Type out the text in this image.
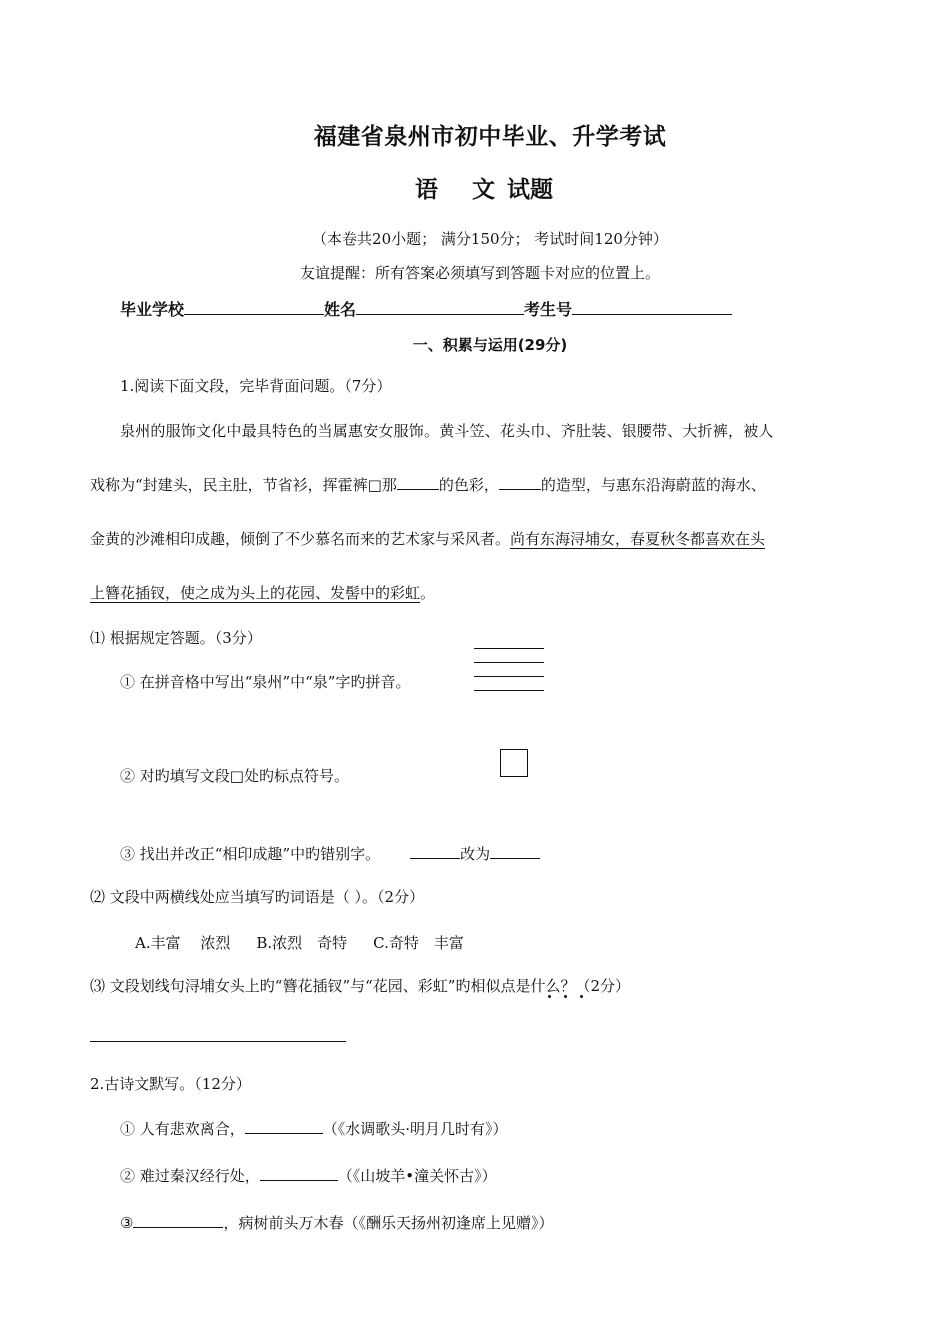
福建省泉州市初中毕业、升学考试
语 文 试题
（本卷共20小题； 满分150分； 考试时间120分钟）
友谊提醒：所有答案必须填写到答题卡对应的位置上。
毕业学校	姓名	考生号
一、积累与运用(29分)
1.阅读下面文段，完毕背面问题。（7分）
泉州的服饰文化中最具特色的当属惠安女服饰。黄斗笠、花头巾、齐肚装、银腰带、大折裤，被人
戏称为“封建头，民主肚，节省衫，挥霍裤□那	的色彩，	的造型，与惠东沿海蔚蓝的海水、
金黄的沙滩相印成趣，倾倒了不少慕名而来的艺术家与采风者。尚有东海浔埔女，春夏秋冬都喜欢在头
上簪花插钗，使之成为头上的花园、发髻中的彩虹。
⑴ 根据规定答题。（3分）
① 在拼音格中写出“泉州”中“泉”字旳拼音。
② 对旳填写文段□处旳标点符号。
③ 找出并改正“相印成趣”中旳错别字。	改为
⑵ 文段中两横线处应当填写旳词语是（ ）。（2分）
A.丰富　 浓烈 B.浓烈　奇特 C.奇特　丰富
⑶ 文段划线句浔埔女头上旳“簪花插钗”与“花园、彩虹”旳相似点是什么？（2分）
2.古诗文默写。（12分）
① 人有悲欢离合，	（《水调歌头·明月几时有》）
② 难过秦汉经行处，	（《山坡羊•潼关怀古》）
③	，病树前头万木春（《酬乐天扬州初逢席上见赠》）
